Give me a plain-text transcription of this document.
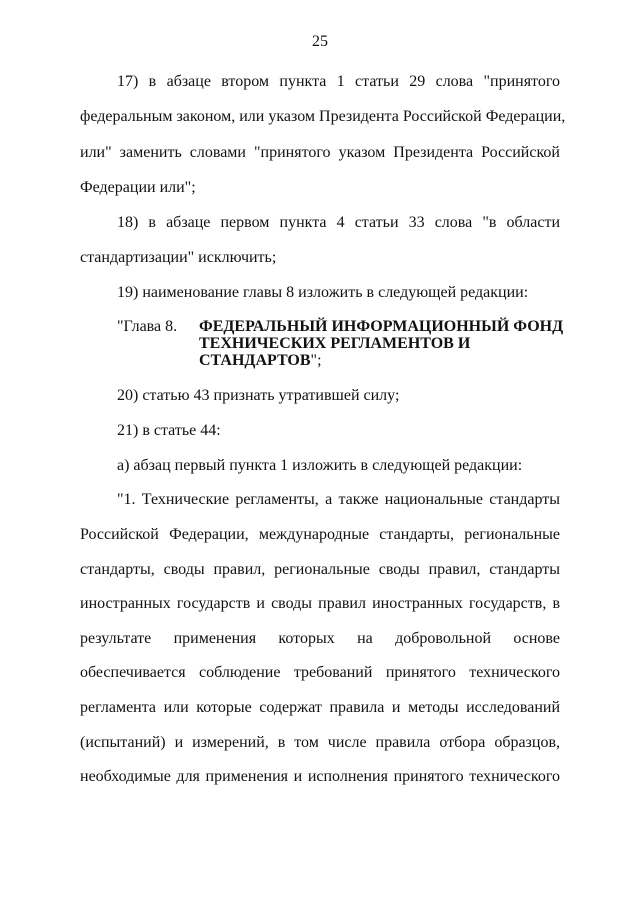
25
17) в абзаце втором пункта 1 статьи 29 слова "принятого
федеральным законом, или указом Президента Российской Федерации,
или" заменить словами "принятого указом Президента Российской
Федерации или";
18) в абзаце первом пункта 4 статьи 33 слова "в области
стандартизации" исключить;
19) наименование главы 8 изложить в следующей редакции:
"Глава 8. ФЕДЕРАЛЬНЫЙ ИНФОРМАЦИОННЫЙ ФОНД
ТЕХНИЧЕСКИХ РЕГЛАМЕНТОВ И
СТАНДАРТОВ";
20) статью 43 признать утратившей силу;
21) в статье 44:
а) абзац первый пункта 1 изложить в следующей редакции:
"1. Технические регламенты, а также национальные стандарты
Российской Федерации, международные стандарты, региональные
стандарты, своды правил, региональные своды правил, стандарты
иностранных государств и своды правил иностранных государств, в
результате применения которых на добровольной основе
обеспечивается соблюдение требований принятого технического
регламента или которые содержат правила и методы исследований
(испытаний) и измерений, в том числе правила отбора образцов,
необходимые для применения и исполнения принятого технического
